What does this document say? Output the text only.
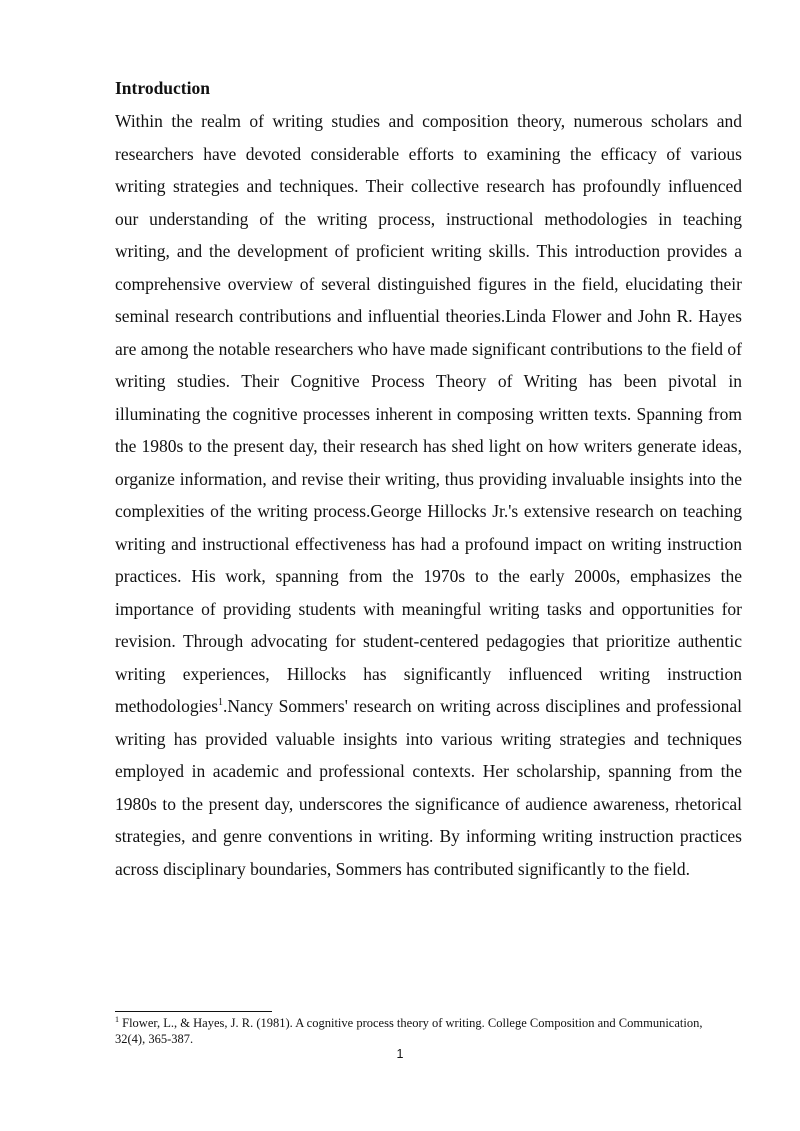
Introduction

Within the realm of writing studies and composition theory, numerous scholars and researchers have devoted considerable efforts to examining the efficacy of various writing strategies and techniques. Their collective research has profoundly influenced our understanding of the writing process, instructional methodologies in teaching writing, and the development of proficient writing skills. This introduction provides a comprehensive overview of several distinguished figures in the field, elucidating their seminal research contributions and influential theories.Linda Flower and John R. Hayes are among the notable researchers who have made significant contributions to the field of writing studies. Their Cognitive Process Theory of Writing has been pivotal in illuminating the cognitive processes inherent in composing written texts. Spanning from the 1980s to the present day, their research has shed light on how writers generate ideas, organize information, and revise their writing, thus providing invaluable insights into the complexities of the writing process.George Hillocks Jr.'s extensive research on teaching writing and instructional effectiveness has had a profound impact on writing instruction practices. His work, spanning from the 1970s to the early 2000s, emphasizes the importance of providing students with meaningful writing tasks and opportunities for revision. Through advocating for student-centered pedagogies that prioritize authentic writing experiences, Hillocks has significantly influenced writing instruction methodologies$^1$.Nancy Sommers' research on writing across disciplines and professional writing has provided valuable insights into various writing strategies and techniques employed in academic and professional contexts. Her scholarship, spanning from the 1980s to the present day, underscores the significance of audience awareness, rhetorical strategies, and genre conventions in writing. By informing writing instruction practices across disciplinary boundaries, Sommers has contributed significantly to the field.

$^1$ Flower, L., & Hayes, J. R. (1981). A cognitive process theory of writing. College Composition and Communication, 32(4), 365-387.

1
